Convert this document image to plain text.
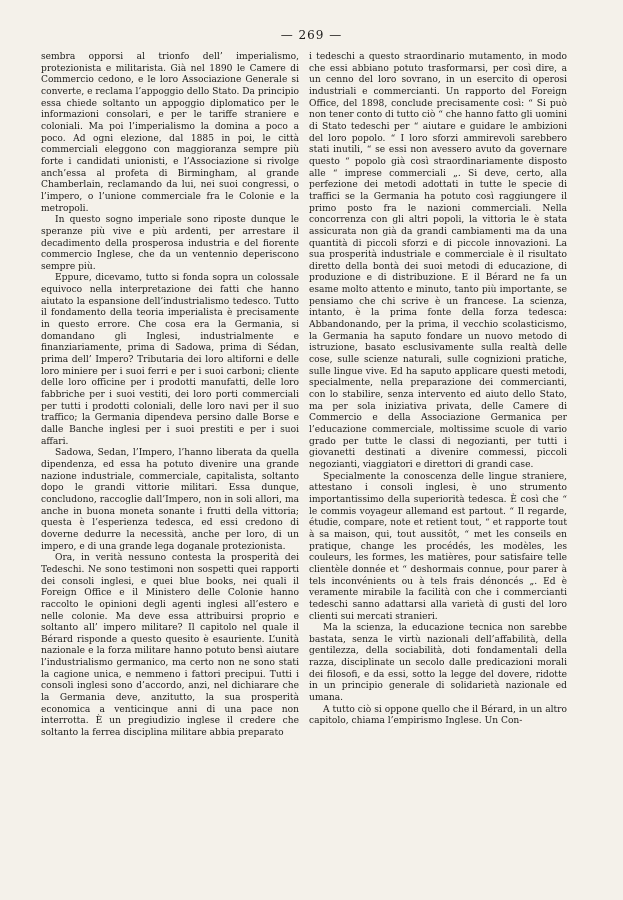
— 269 —

sembra opporsi al trionfo dell’ imperialismo, protezionista e militarista. Già nel 1890 le Camere di Commercio cedono, e le loro Associazione Generale si converte, e reclama l’appoggio dello Stato. Da principio essa chiede soltanto un appoggio diplomatico per le informazioni consolari, e per le tariffe straniere e coloniali. Ma poi l’imperialismo la domina a poco a poco. Ad ogni elezione, dal 1885 in poi, le città commerciali eleggono con maggioranza sempre più forte i candidati unionisti, e l’Associazione si rivolge anch’essa al profeta di Birmingham, al grande Chamberlain, reclamando da lui, nei suoi congressi, o l’impero, o l’unione commerciale fra le Colonie e la metropoli.

In questo sogno imperiale sono riposte dunque le speranze più vive e più ardenti, per arrestare il decadimento della prosperosa industria e del fiorente commercio Inglese, che da un ventennio deperiscono sempre più.

Eppure, dicevamo, tutto si fonda sopra un colossale equivoco nella interpretazione dei fatti che hanno aiutato la espansione dell’industrialismo tedesco. Tutto il fondamento della teoria imperialista è precisamente in questo errore. Che cosa era la Germania, si domandano gli Inglesi, industrialmente e finanziariamente, prima di Sadowa, prima di Sédan, prima dell’ Impero? Tributaria dei loro altiforni e delle loro miniere per i suoi ferri e per i suoi carboni; cliente delle loro officine per i prodotti manufatti, delle loro fabbriche per i suoi vestiti, dei loro porti commerciali per tutti i prodotti coloniali, delle loro navi per il suo traffico; la Germania dipendeva persino dalle Borse e dalle Banche inglesi per i suoi prestiti e per i suoi affari.

Sadowa, Sedan, l’Impero, l’hanno liberata da quella dipendenza, ed essa ha potuto divenire una grande nazione industriale, commerciale, capitalista, soltanto dopo le grandi vittorie militari. Essa dunque, concludono, raccoglie dall’Impero, non in soli allori, ma anche in buona moneta sonante i frutti della vittoria; questa è l’esperienza tedesca, ed essi credono di doverne dedurre la necessità, anche per loro, di un impero, e di una grande lega doganale protezionista.

Ora, in verità nessuno contesta la prosperità dei Tedeschi. Ne sono testimoni non sospetti quei rapporti dei consoli inglesi, e quei blue books, nei quali il Foreign Office e il Ministero delle Colonie hanno raccolto le opinioni degli agenti inglesi all’estero e nelle colonie. Ma deve essa attribuirsi proprio e soltanto all’ impero militare? Il capitolo nel quale il Bérard risponde a questo quesito è esauriente. L’unità nazionale e la forza militare hanno potuto bensì aiutare l’industrialismo germanico, ma certo non ne sono stati la cagione unica, e nemmeno i fattori precipui. Tutti i consoli inglesi sono d’accordo, anzi, nel dichiarare che la Germania deve, anzitutto, la sua prosperità economica a venticinque anni di una pace non interrotta. È un pregiudizio inglese il credere che soltanto la ferrea disciplina militare abbia preparato

i tedeschi a questo straordinario mutamento, in modo che essi abbiano potuto trasformarsi, per così dire, a un cenno del loro sovrano, in un esercito di operosi industriali e commercianti. Un rapporto del Foreign Office, del 1898, conclude precisamente così: “ Si può non tener conto di tutto ciò “ che hanno fatto gli uomini di Stato tedeschi per “ aiutare e guidare le ambizioni del loro popolo. “ I loro sforzi ammirevoli sarebbero stati inutili, “ se essi non avessero avuto da governare questo “ popolo già così straordinariamente disposto alle “ imprese commerciali „. Si deve, certo, alla perfezione dei metodi adottati in tutte le specie di traffici se la Germania ha potuto così raggiungere il primo posto fra le nazioni commerciali. Nella concorrenza con gli altri popoli, la vittoria le è stata assicurata non già da grandi cambiamenti ma da una quantità di piccoli sforzi e di piccole innovazioni. La sua prosperità industriale e commerciale è il risultato diretto della bontà dei suoi metodi di educazione, di produzione e di distribuzione. E il Bérard ne fa un esame molto attento e minuto, tanto più importante, se pensiamo che chi scrive è un francese. La scienza, intanto, è la prima fonte della forza tedesca: Abbandonando, per la prima, il vecchio scolasticismo, la Germania ha saputo fondare un nuovo metodo di istruzione, basato esclusivamente sulla realtà delle cose, sulle scienze naturali, sulle cognizioni pratiche, sulle lingue vive. Ed ha saputo applicare questi metodi, specialmente, nella preparazione dei commercianti, con lo stabilire, senza intervento ed aiuto dello Stato, ma per sola iniziativa privata, delle Camere di Commercio e della Associazione Germanica per l’educazione commerciale, moltissime scuole di vario grado per tutte le classi di negozianti, per tutti i giovanetti destinati a divenire commessi, piccoli negozianti, viaggiatori e direttori di grandi case.

Specialmente la conoscenza delle lingue straniere, attestano i consoli inglesi, è uno strumento importantissimo della superiorità tedesca. È così che “ le commis voyageur allemand est partout. “ Il regarde, étudie, compare, note et retient tout, “ et rapporte tout à sa maison, qui, tout aussitôt, “ met les conseils en pratique, change les procédés, les modèles, les couleurs, les formes, les matières, pour satisfaire telle clientèle donnée et “ deshormais connue, pour parer à tels inconvénients ou à tels frais dénoncés „. Ed è veramente mirabile la facilità con che i commercianti tedeschi sanno adattarsi alla varietà di gusti del loro clienti sui mercati stranieri.

Ma la scienza, la educazione tecnica non sarebbe bastata, senza le virtù nazionali dell’affabilità, della gentilezza, della sociabilità, doti fondamentali della razza, disciplinate un secolo dalle predicazioni morali dei filosofi, e da essi, sotto la legge del dovere, ridotte in un principio generale di solidarietà nazionale ed umana.

A tutto ciò si oppone quello che il Bérard, in un altro capitolo, chiama l’empirismo Inglese. Un Con-
